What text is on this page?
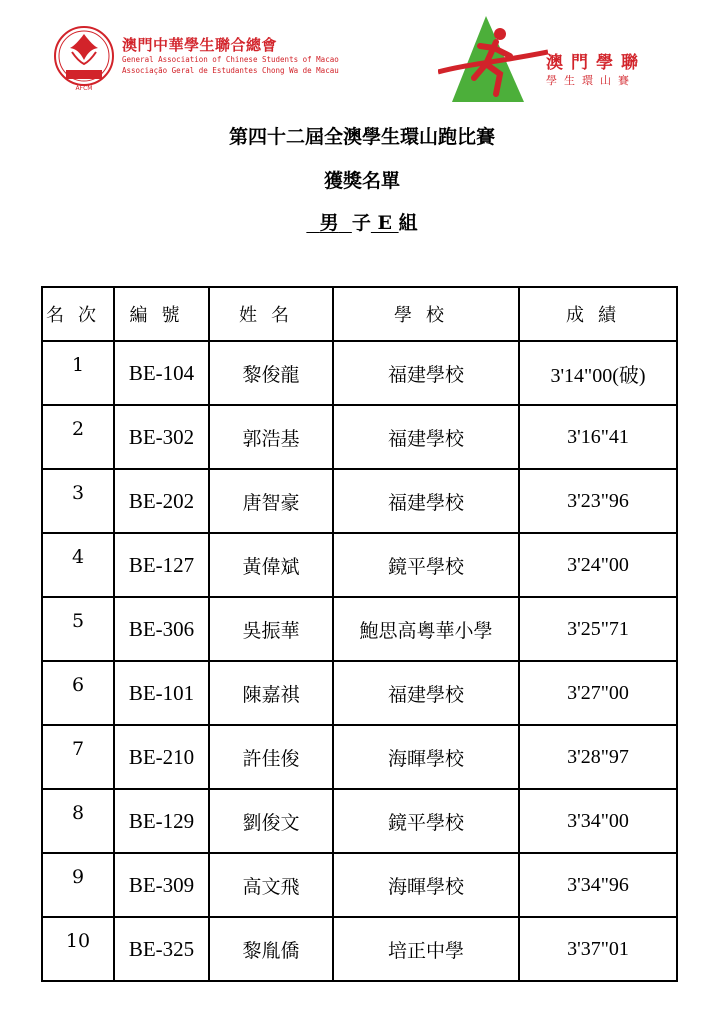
AFCM
澳門中華學生聯合總會
General Association of Chinese Students of Macao
Associação Geral de Estudantes Chong Wa de Macau	澳門學聯
學生環山賽
第四十二屆全澳學生環山跑比賽
獲獎名單
男 子 E 組
名次	編號	姓名	學校	成績
1	BE-104	黎俊龍	福建學校	3'14"00(破)
2	BE-302	郭浩基	福建學校	3'16"41
3	BE-202	唐智豪	福建學校	3'23"96
4	BE-127	黃偉斌	鏡平學校	3'24"00
5	BE-306	吳振華	鮑思高粵華小學	3'25"71
6	BE-101	陳嘉祺	福建學校	3'27"00
7	BE-210	許佳俊	海暉學校	3'28"97
8	BE-129	劉俊文	鏡平學校	3'34"00
9	BE-309	高文飛	海暉學校	3'34"96
10	BE-325	黎胤僑	培正中學	3'37"01
